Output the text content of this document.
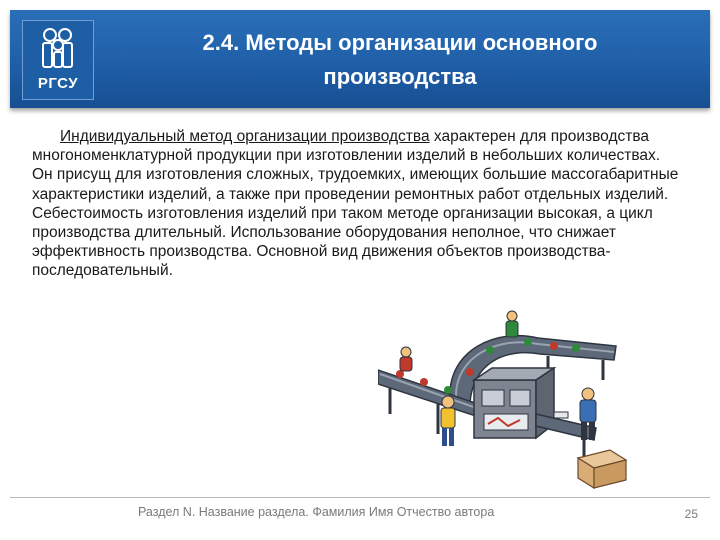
РГСУ
2.4. Методы организации основного
производства
Индивидуальный метод организации производства характерен для производства многономенклатурной продукции при изготовлении изделий в небольших количествах. Он присущ для изготовления сложных, трудоемких, имеющих большие массогабаритные характеристики изделий, а также при проведении ремонтных работ отдельных изделий. Себестоимость изготовления изделий при таком методе организации высокая, а цикл производства длительный. Использование оборудования неполное, что снижает эффективность производства. Основной вид движения объектов производства- последовательный.
Раздел N. Название раздела. Фамилия Имя Отчество автора	25
